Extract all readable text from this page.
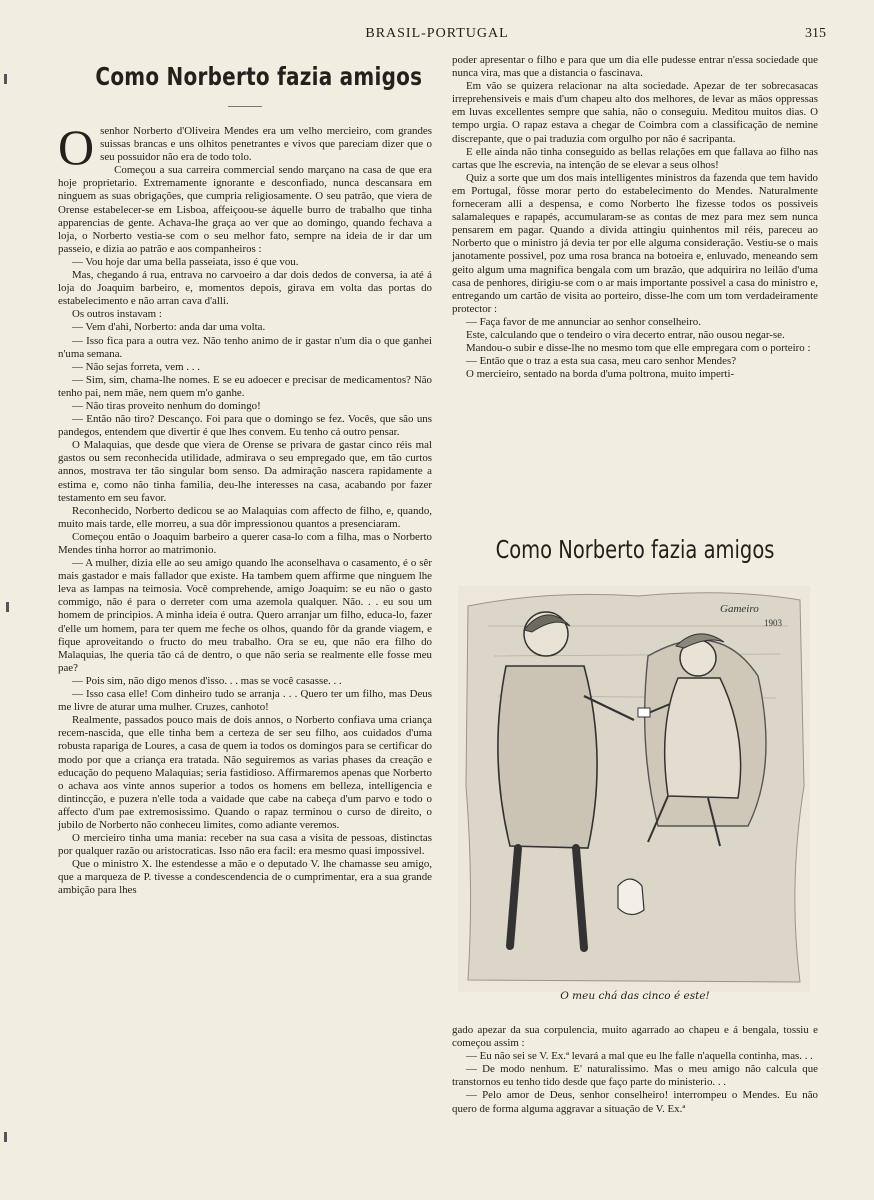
BRASIL-PORTUGAL	315
Como Norberto fazia amigos

Osenhor Norberto d'Oliveira Mendes era um velho mercieiro, com grandes suissas brancas e uns olhitos penetrantes e vivos que pareciam dizer que o seu possuidor não era de todo tolo.

Começou a sua carreira commercial sendo marçano na casa de que era hoje proprietario. Extremamente ignorante e desconfiado, nunca descansara em ninguem as suas obrigações, que cumpria religiosamente. O seu patrão, que viera de Orense estabelecer-se em Lisboa, affeiçoou-se áquelle burro de trabalho que tinha apparencias de gente. Achava-lhe graça ao ver que ao domingo, quando fechava a loja, o Norberto vestia-se com o seu melhor fato, sempre na ideia de ir dar um passeio, e dizia ao patrão e aos companheiros :

— Vou hoje dar uma bella passeiata, isso é que vou.

Mas, chegando á rua, entrava no carvoeiro a dar dois dedos de conversa, ia até á loja do Joaquim barbeiro, e, momentos depois, girava em volta das portas do estabelecimento e não arran cava d'alli.

Os outros instavam :

— Vem d'ahi, Norberto: anda dar uma volta.

— Isso fica para a outra vez. Não tenho animo de ir gastar n'um dia o que ganhei n'uma semana.

— Não sejas forreta, vem . . .

— Sim, sim, chama-lhe nomes. E se eu adoecer e precisar de medicamentos? Não tenho pai, nem mãe, nem quem m'o ganhe.

— Não tiras proveito nenhum do domingo!

— Então não tiro? Descanço. Foi para que o domingo se fez. Vocês, que são uns pandegos, entendem que divertir é que lhes convem. Eu tenho cá outro pensar.

O Malaquias, que desde que viera de Orense se privara de gastar cinco réis mal gastos ou sem reconhecida utilidade, admirava o seu empregado que, em tão curtos annos, mostrava ter tão singular bom senso. Da admiração nascera rapidamente a estima e, como não tinha familia, deu-lhe interesses na casa, acabando por fazer testamento em seu favor.

Reconhecido, Norberto dedicou se ao Malaquias com affecto de filho, e, quando, muito mais tarde, elle morreu, a sua dôr impressionou quantos a presenciaram.

Começou então o Joaquim barbeiro a querer casa-lo com a filha, mas o Norberto Mendes tinha horror ao matrimonio.

— A mulher, dizia elle ao seu amigo quando lhe aconselhava o casamento, é o sêr mais gastador e mais fallador que existe. Ha tambem quem affirme que ninguem lhe leva as lampas na teimosia. Você comprehende, amigo Joaquim: se eu não o gasto commigo, não é para o derreter com uma azemola qualquer. Não. . . eu sou um homem de principios. A minha ideia é outra. Quero arranjar um filho, educa-lo, fazer d'elle um homem, para ter quem me feche os olhos, quando fôr da grande viagem, e fique aproveitando o fructo do meu trabalho. Ora se eu, que não era filho do Malaquias, lhe queria tão cá de dentro, o que não seria se realmente elle fosse meu pae?

— Pois sim, não digo menos d'isso. . . mas se você casasse. . .

— Isso casa elle! Com dinheiro tudo se arranja . . . Quero ter um filho, mas Deus me livre de aturar uma mulher. Cruzes, canhoto!

Realmente, passados pouco mais de dois annos, o Norberto confiava uma criança recem-nascida, que elle tinha bem a certeza de ser seu filho, aos cuidados d'uma robusta rapariga de Loures, a casa de quem ia todos os domingos para se certificar do modo por que a criança era tratada. Não seguiremos as varias phases da creação e educação do pequeno Malaquias; seria fastidioso. Affirmaremos apenas que Norberto o achava aos vinte annos superior a todos os homens em belleza, intelligencia e dintincção, e puzera n'elle toda a vaidade que cabe na cabeça d'um parvo e todo o affecto d'um pae extremosissimo. Quando o rapaz terminou o curso de direito, o jubilo de Norberto não conheceu limites, como adiante veremos.

O mercieiro tinha uma mania: receber na sua casa a visita de pessoas, distinctas por qualquer razão ou aristocraticas. Isso não era facil: era mesmo quasi impossivel.

Que o ministro X. lhe estendesse a mão e o deputado V. lhe chamasse seu amigo, que a marqueza de P. tivesse a condescendencia de o cumprimentar, era a sua grande ambição para lhes

poder apresentar o filho e para que um dia elle pudesse entrar n'essa sociedade que nunca vira, mas que a distancia o fascinava.

Em vão se quizera relacionar na alta sociedade. Apezar de ter sobrecasacas irreprehensiveis e mais d'um chapeu alto dos melhores, de levar as mãos oppressas em luvas excellentes sempre que sahia, não o conseguiu. Meditou muitos dias. O tempo urgia. O rapaz estava a chegar de Coimbra com a classificação de nemine discrepante, que o pai traduzia com orgulho por não é sacripanta.

E elle ainda não tinha conseguido as bellas relações em que fallava ao filho nas cartas que lhe escrevia, na intenção de se elevar a seus olhos!

Quiz a sorte que um dos mais intelligentes ministros da fazenda que tem havido em Portugal, fôsse morar perto do estabelecimento do Mendes. Naturalmente forneceram alli a despensa, e como Norberto lhe fizesse todos os possiveis salamaleques e rapapés, accumularam-se as contas de mez para mez sem nunca pensarem em pagar. Quando a divida attingiu quinhentos mil réis, pareceu ao Norberto que o ministro já devia ter por elle alguma consideração. Vestiu-se o mais janotamente possivel, poz uma rosa branca na botoeira e, enluvado, meneando sem geito algum uma magnifica bengala com um brazão, que adquirira no leilão d'uma casa de penhores, dirigiu-se com o ar mais importante possivel a casa do ministro e, entregando um cartão de visita ao porteiro, disse-lhe com um tom verdadeiramente protector :

— Faça favor de me annunciar ao senhor conselheiro.

Este, calculando que o tendeiro o vira decerto entrar, não ousou negar-se.

Mandou-o subir e disse-lhe no mesmo tom que elle empregara com o porteiro :

— Então que o traz a esta sua casa, meu caro senhor Mendes?

O mercieiro, sentado na borda d'uma poltrona, muito imperti-

Como Norberto fazia amigos
Gameiro
1903
O meu chá das cinco é este!

gado apezar da sua corpulencia, muito agarrado ao chapeu e á bengala, tossiu e começou assim :

— Eu não sei se V. Ex.ª levará a mal que eu lhe falle n'aquella continha, mas. . .

— De modo nenhum. E' naturalissimo. Mas o meu amigo não calcula que transtornos eu tenho tido desde que faço parte do ministerio. . .

— Pelo amor de Deus, senhor conselheiro! interrompeu o Mendes. Eu não quero de forma alguma aggravar a situação de V. Ex.ª
